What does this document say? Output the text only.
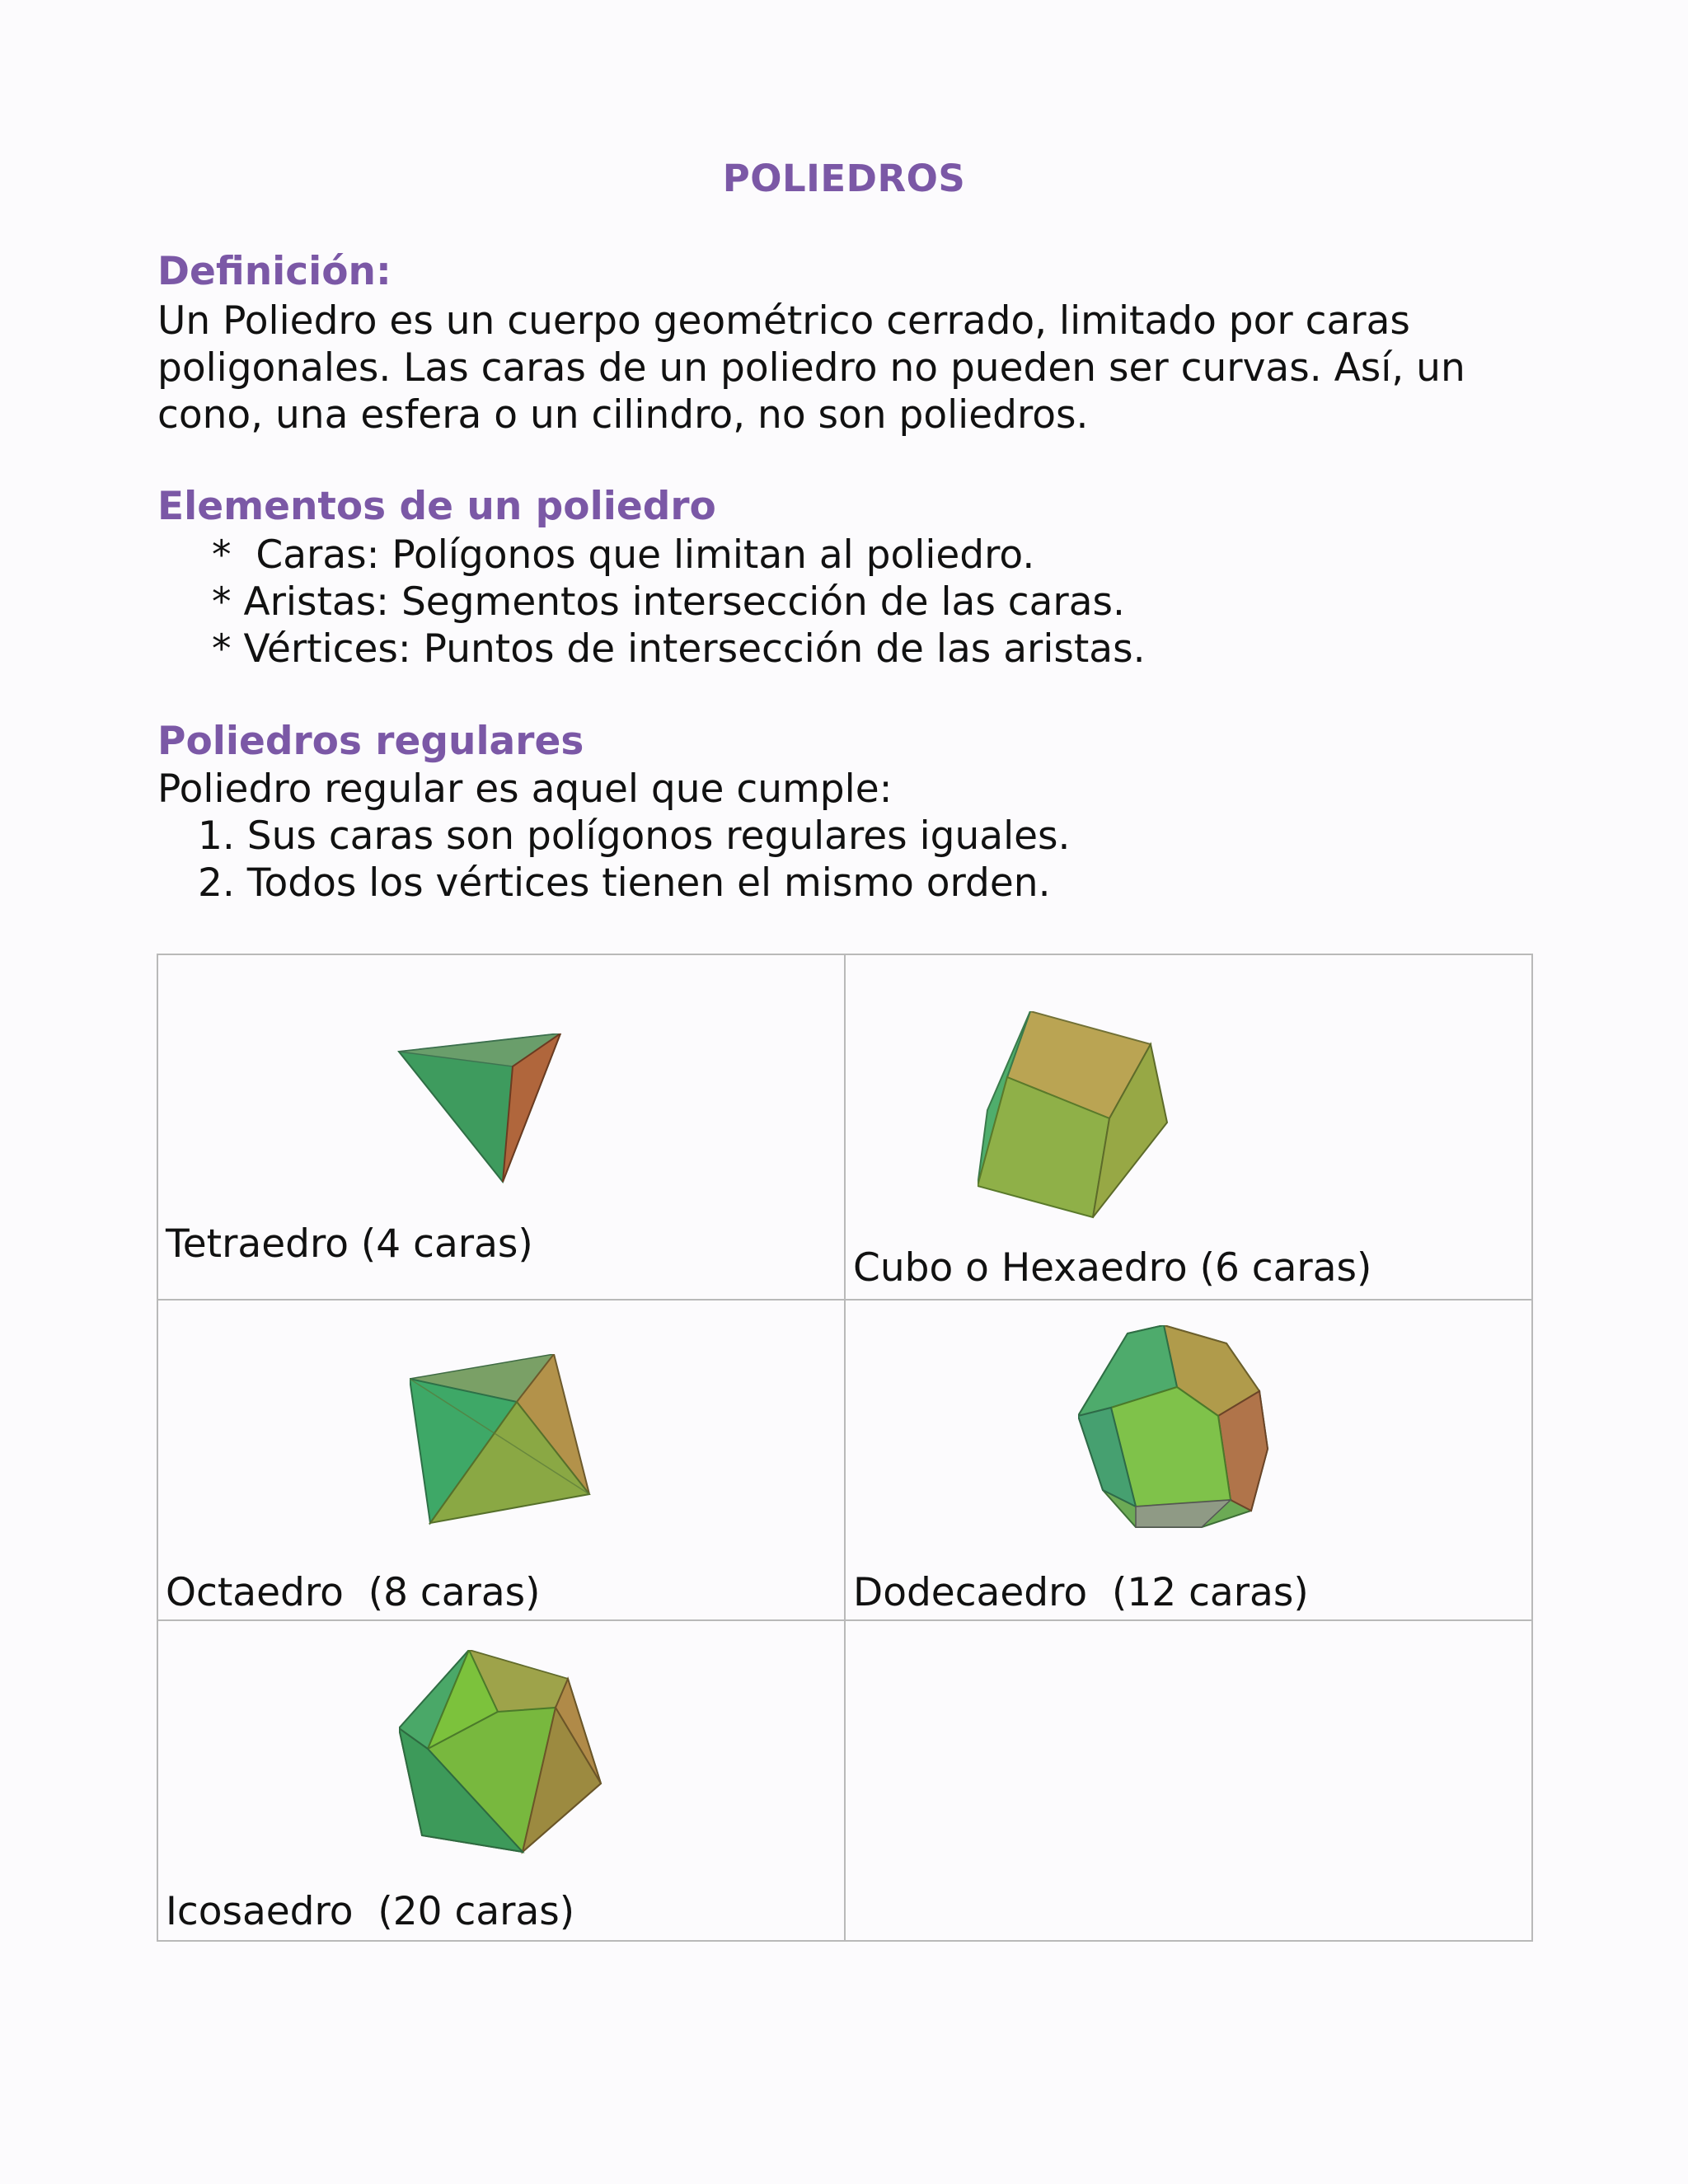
POLIEDROS
Definición:
Un Poliedro es un cuerpo geométrico cerrado, limitado por caras
poligonales. Las caras de un poliedro no pueden ser curvas. Así, un
cono, una esfera o un cilindro, no son poliedros.
Elementos de un poliedro
*  Caras: Polígonos que limitan al poliedro.
* Aristas: Segmentos intersección de las caras.
* Vértices: Puntos de intersección de las aristas.
Poliedros regulares
Poliedro regular es aquel que cumple:
1. Sus caras son polígonos regulares iguales.
2. Todos los vértices tienen el mismo orden.
Tetraedro (4 caras)	Cubo o Hexaedro (6 caras)

Octaedro  (8 caras)	Dodecaedro  (12 caras)

Icosaedro  (20 caras)	
